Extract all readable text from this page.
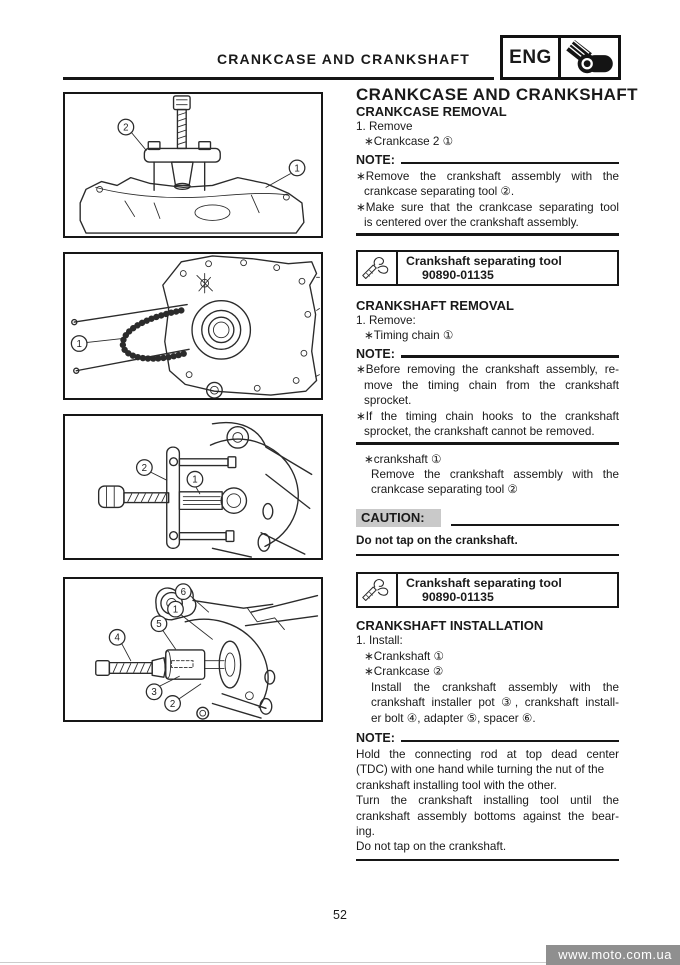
CRANKCASE AND CRANKSHAFT	ENG
2
1
1
2
1
6
1
5
4
3
2
CRANKCASE AND CRANKSHAFT
CRANKCASE REMOVAL
1. Remove
∗Crankcase 2 ①
NOTE:
∗Remove the crankshaft assembly with the
crankcase separating tool ②.
∗Make sure that the crankcase separating tool
is centered over the crankshaft assembly.
Crankshaft separating tool
90890-01135
CRANKSHAFT REMOVAL
1. Remove:
∗Timing chain ①
NOTE:
∗Before removing the crankshaft assembly, re-
move the timing chain from the crankshaft
sprocket.
∗If the timing chain hooks to the crankshaft
sprocket, the crankshaft cannot be removed.
∗crankshaft ①
Remove the crankshaft assembly with the
crankcase separating tool ②
CAUTION:
Do not tap on the crankshaft.
Crankshaft separating tool
90890-01135
CRANKSHAFT INSTALLATION
1. Install:
∗Crankshaft ①
∗Crankcase ②
Install the crankshaft assembly with the
crankshaft installer pot ③, crankshaft install-
er bolt ④, adapter ⑤, spacer ⑥.
NOTE:
Hold the connecting rod at top dead center
(TDC) with one hand while turning the nut of the
crankshaft installing tool with the other.
Turn the crankshaft installing tool until the
crankshaft assembly bottoms against the bear-
ing.
Do not tap on the crankshaft.
52
www.moto.com.ua
